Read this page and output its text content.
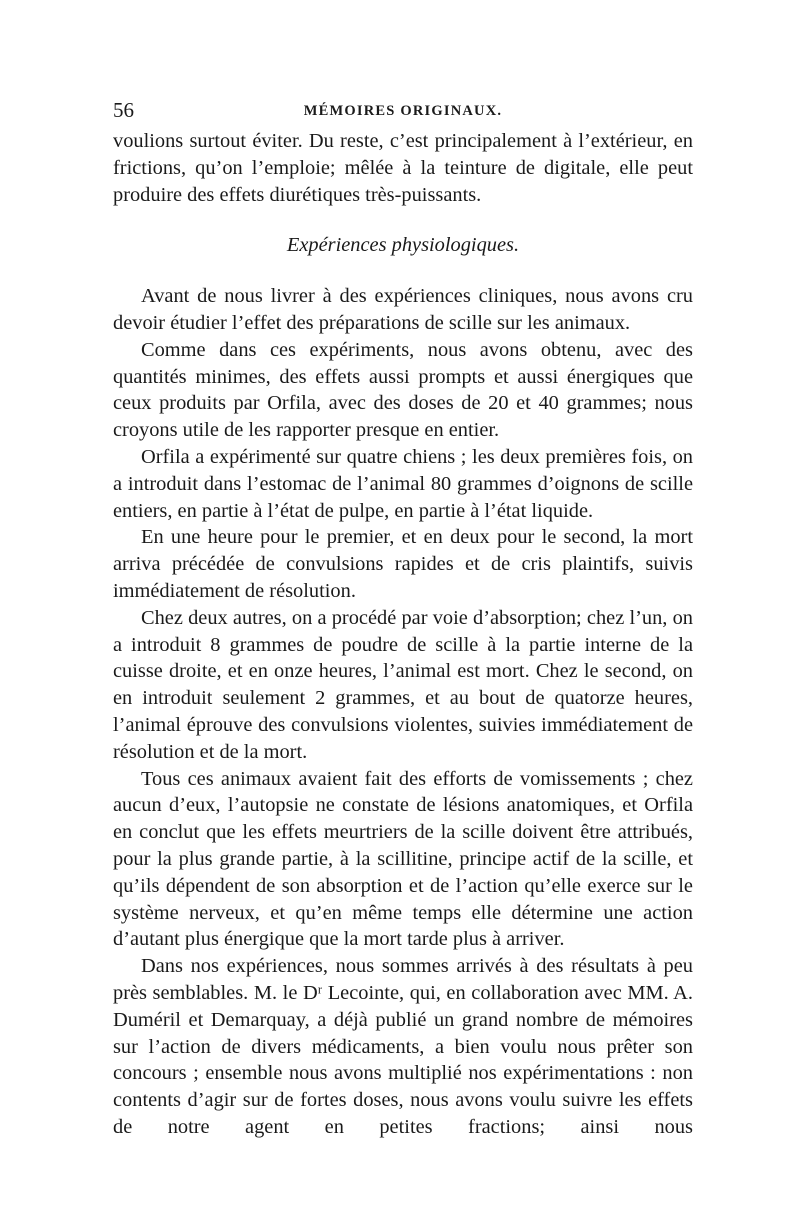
56	MÉMOIRES ORIGINAUX.

voulions surtout éviter. Du reste, c’est principalement à l’extérieur, en frictions, qu’on l’emploie; mêlée à la teinture de digitale, elle peut produire des effets diurétiques très-puissants.

Expériences physiologiques.

Avant de nous livrer à des expériences cliniques, nous avons cru devoir étudier l’effet des préparations de scille sur les animaux.

Comme dans ces expériments, nous avons obtenu, avec des quantités minimes, des effets aussi prompts et aussi énergiques que ceux produits par Orfila, avec des doses de 20 et 40 grammes; nous croyons utile de les rapporter presque en entier.

Orfila a expérimenté sur quatre chiens ; les deux premières fois, on a introduit dans l’estomac de l’animal 80 grammes d’oignons de scille entiers, en partie à l’état de pulpe, en partie à l’état liquide.

En une heure pour le premier, et en deux pour le second, la mort arriva précédée de convulsions rapides et de cris plaintifs, suivis immédiatement de résolution.

Chez deux autres, on a procédé par voie d’absorption; chez l’un, on a introduit 8 grammes de poudre de scille à la partie interne de la cuisse droite, et en onze heures, l’animal est mort. Chez le second, on en introduit seulement 2 grammes, et au bout de quatorze heures, l’animal éprouve des convulsions violentes, suivies immédiatement de résolution et de la mort.

Tous ces animaux avaient fait des efforts de vomissements ; chez aucun d’eux, l’autopsie ne constate de lésions anatomiques, et Orfila en conclut que les effets meurtriers de la scille doivent être attribués, pour la plus grande partie, à la scillitine, principe actif de la scille, et qu’ils dépendent de son absorption et de l’action qu’elle exerce sur le système nerveux, et qu’en même temps elle détermine une action d’autant plus énergique que la mort tarde plus à arriver.

Dans nos expériences, nous sommes arrivés à des résultats à peu près semblables. M. le Dʳ Lecointe, qui, en collaboration avec MM. A. Duméril et Demarquay, a déjà publié un grand nombre de mémoires sur l’action de divers médicaments, a bien voulu nous prêter son concours ; ensemble nous avons multiplié nos expérimentations : non contents d’agir sur de fortes doses, nous avons voulu suivre les effets de notre agent en petites fractions; ainsi nous
